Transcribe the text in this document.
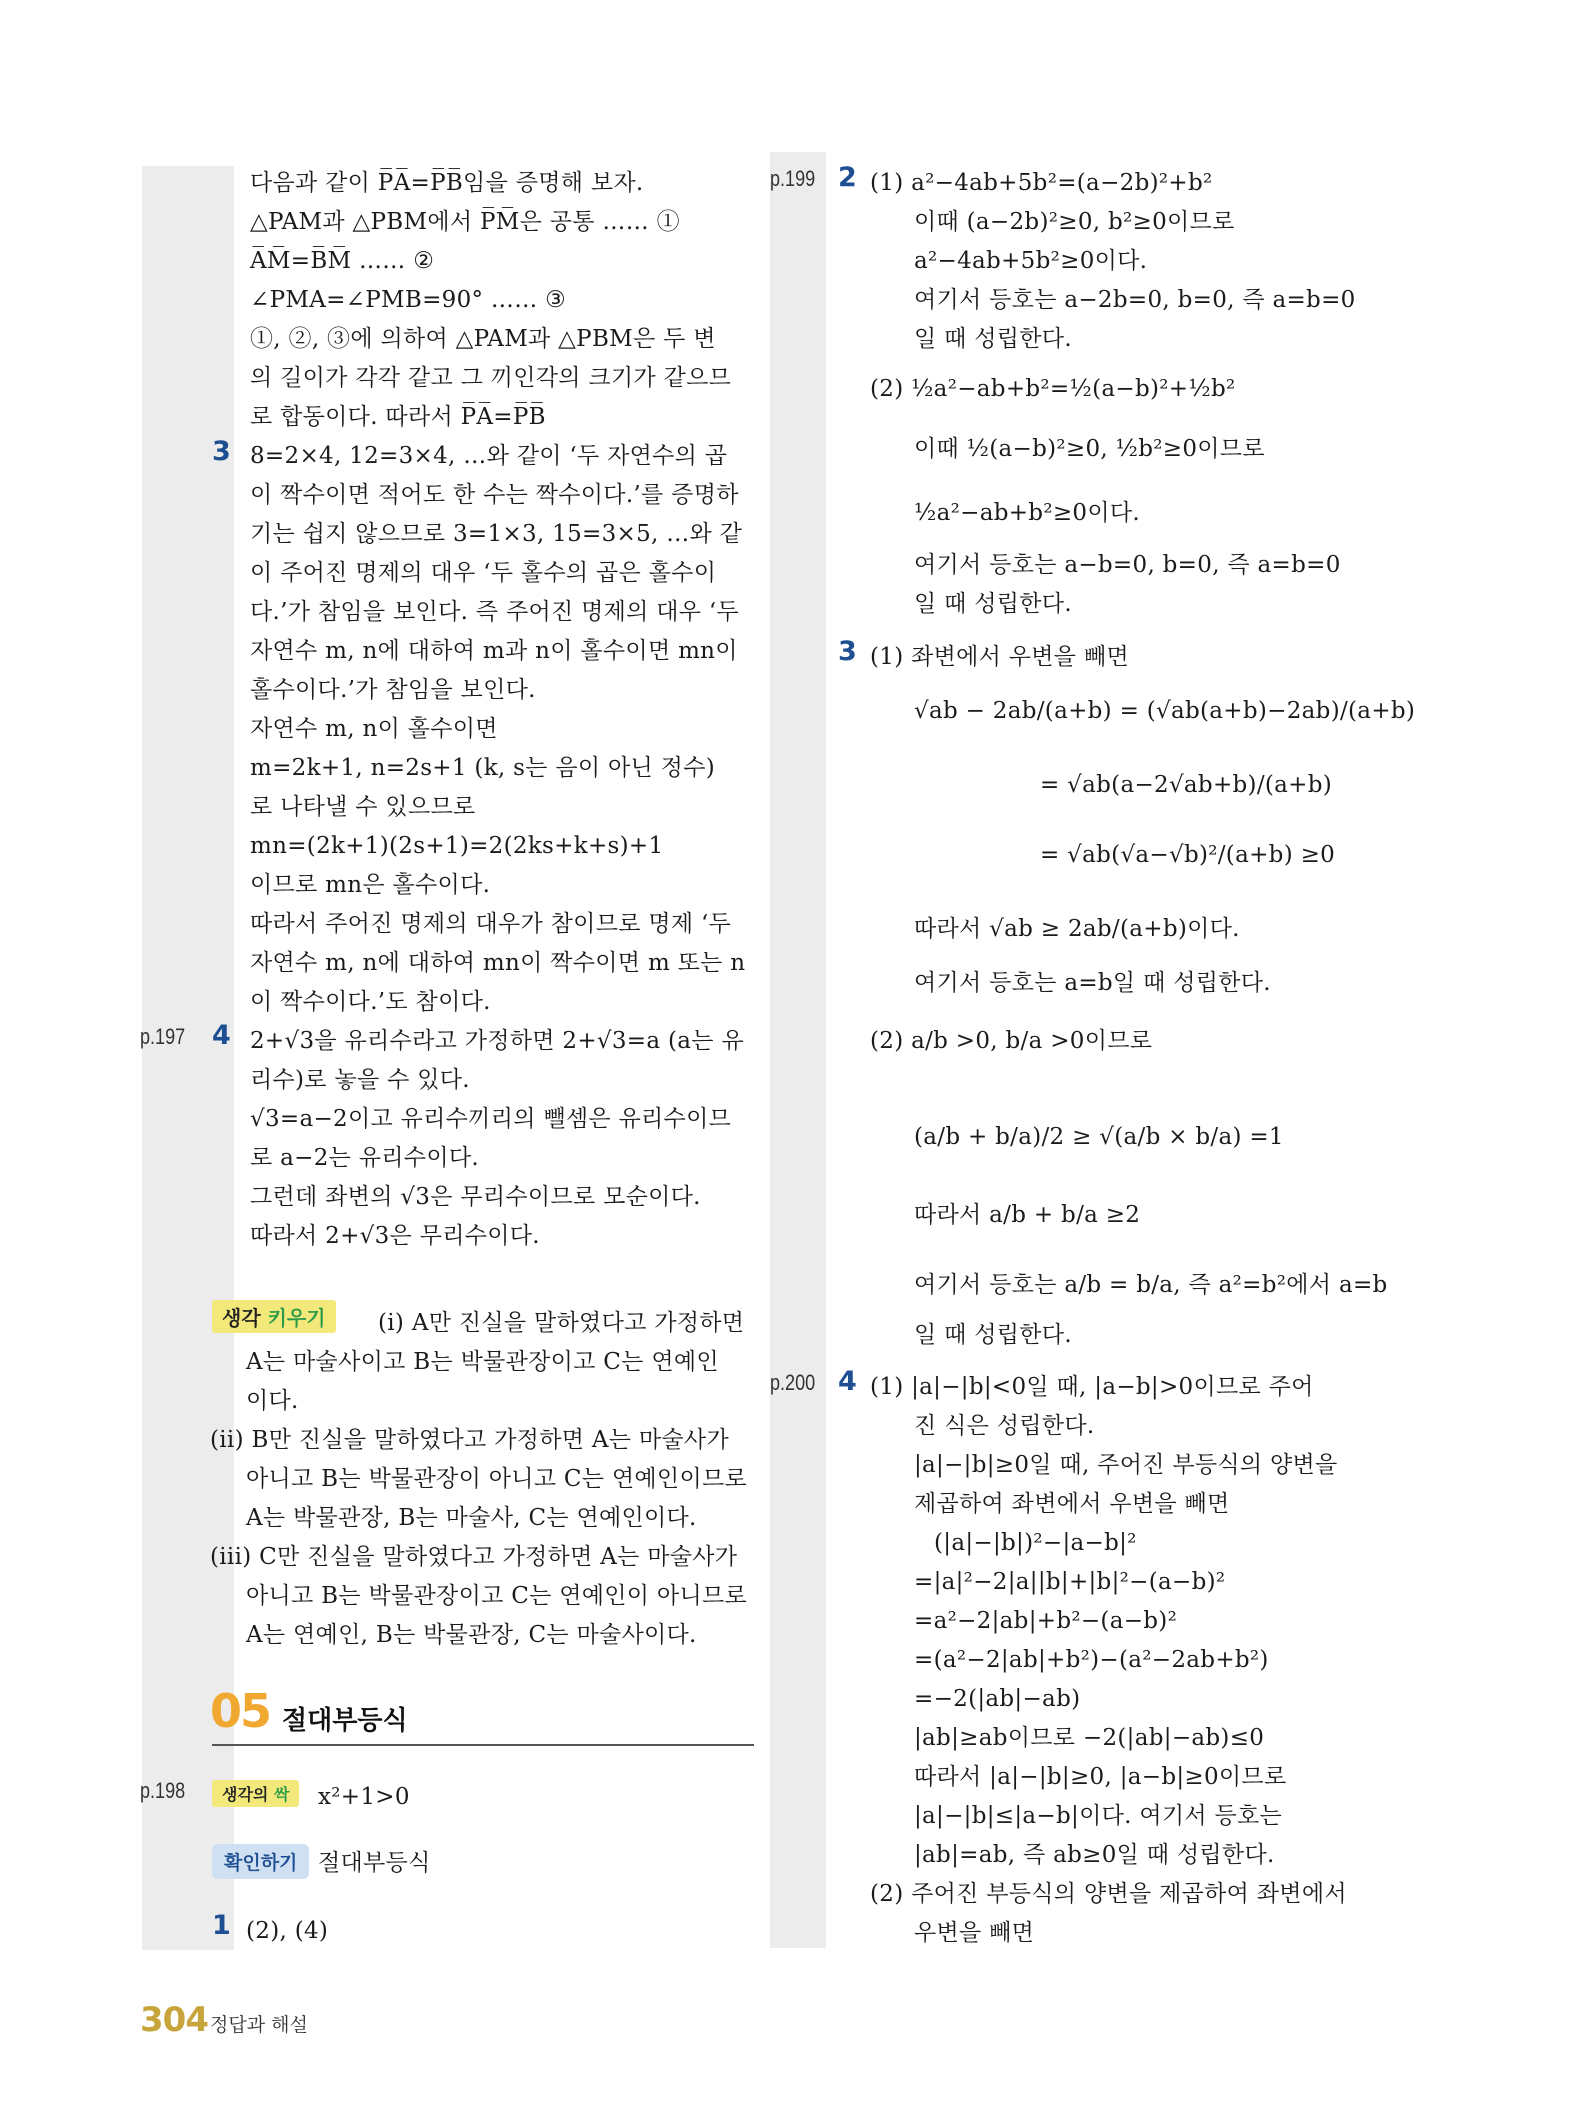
다음과 같이 P̅A̅=P̅B̅임을 증명해 보자.
△PAM과 △PBM에서 P̅M̅은 공통 …… ①
A̅M̅=B̅M̅ …… ②
∠PMA=∠PMB=90° …… ③
①, ②, ③에 의하여 △PAM과 △PBM은 두 변
의 길이가 각각 같고 그 끼인각의 크기가 같으므
로 합동이다. 따라서 P̅A̅=P̅B̅
8=2×4, 12=3×4, …와 같이 ‘두 자연수의 곱
이 짝수이면 적어도 한 수는 짝수이다.’를 증명하
기는 쉽지 않으므로 3=1×3, 15=3×5, …와 같
이 주어진 명제의 대우 ‘두 홀수의 곱은 홀수이
다.’가 참임을 보인다. 즉 주어진 명제의 대우 ‘두
자연수 m, n에 대하여 m과 n이 홀수이면 mn이
홀수이다.’가 참임을 보인다.
자연수 m, n이 홀수이면
m=2k+1, n=2s+1 (k, s는 음이 아닌 정수)
로 나타낼 수 있으므로
mn=(2k+1)(2s+1)=2(2ks+k+s)+1
이므로 mn은 홀수이다.
따라서 주어진 명제의 대우가 참이므로 명제 ‘두
자연수 m, n에 대하여 mn이 짝수이면 m 또는 n
이 짝수이다.’도 참이다.
2+√3을 유리수라고 가정하면 2+√3=a (a는 유
리수)로 놓을 수 있다.
√3=a−2이고 유리수끼리의 뺄셈은 유리수이므
로 a−2는 유리수이다.
그런데 좌변의 √3은 무리수이므로 모순이다.
따라서 2+√3은 무리수이다.
(i) A만 진실을 말하였다고 가정하면
A는 마술사이고 B는 박물관장이고 C는 연예인
이다.
(ii) B만 진실을 말하였다고 가정하면 A는 마술사가
아니고 B는 박물관장이 아니고 C는 연예인이므로
A는 박물관장, B는 마술사, C는 연예인이다.
(iii) C만 진실을 말하였다고 가정하면 A는 마술사가
아니고 B는 박물관장이고 C는 연예인이 아니므로
A는 연예인, B는 박물관장, C는 마술사이다.
x²+1>0
절대부등식
(2), (4)
p.197
p.198
3
4
1
(1) a²−4ab+5b²=(a−2b)²+b²
이때 (a−2b)²≥0, b²≥0이므로
a²−4ab+5b²≥0이다.
여기서 등호는 a−2b=0, b=0, 즉 a=b=0
일 때 성립한다.
(2) ½a²−ab+b²=½(a−b)²+½b²
이때 ½(a−b)²≥0, ½b²≥0이므로
½a²−ab+b²≥0이다.
여기서 등호는 a−b=0, b=0, 즉 a=b=0
일 때 성립한다.
(1) 좌변에서 우변을 빼면
√ab − 2ab/(a+b) = (√ab(a+b)−2ab)/(a+b)
= √ab(a−2√ab+b)/(a+b)
= √ab(√a−√b)²/(a+b) ≥0
따라서 √ab ≥ 2ab/(a+b)이다.
여기서 등호는 a=b일 때 성립한다.
(2) a/b >0, b/a >0이므로
(a/b + b/a)/2 ≥ √(a/b × b/a) =1
따라서 a/b + b/a ≥2
여기서 등호는 a/b = b/a, 즉 a²=b²에서 a=b
일 때 성립한다.
(1) |a|−|b|<0일 때, |a−b|>0이므로 주어
진 식은 성립한다.
|a|−|b|≥0일 때, 주어진 부등식의 양변을
제곱하여 좌변에서 우변을 빼면
(|a|−|b|)²−|a−b|²
=|a|²−2|a||b|+|b|²−(a−b)²
=a²−2|ab|+b²−(a−b)²
=(a²−2|ab|+b²)−(a²−2ab+b²)
=−2(|ab|−ab)
|ab|≥ab이므로 −2(|ab|−ab)≤0
따라서 |a|−|b|≥0, |a−b|≥0이므로
|a|−|b|≤|a−b|이다. 여기서 등호는
|ab|=ab, 즉 ab≥0일 때 성립한다.
(2) 주어진 부등식의 양변을 제곱하여 좌변에서
우변을 빼면
p.199
p.200
2
3
4
생각 키우기
05 절대부등식
생각의 싹
확인하기
304 정답과 해설
